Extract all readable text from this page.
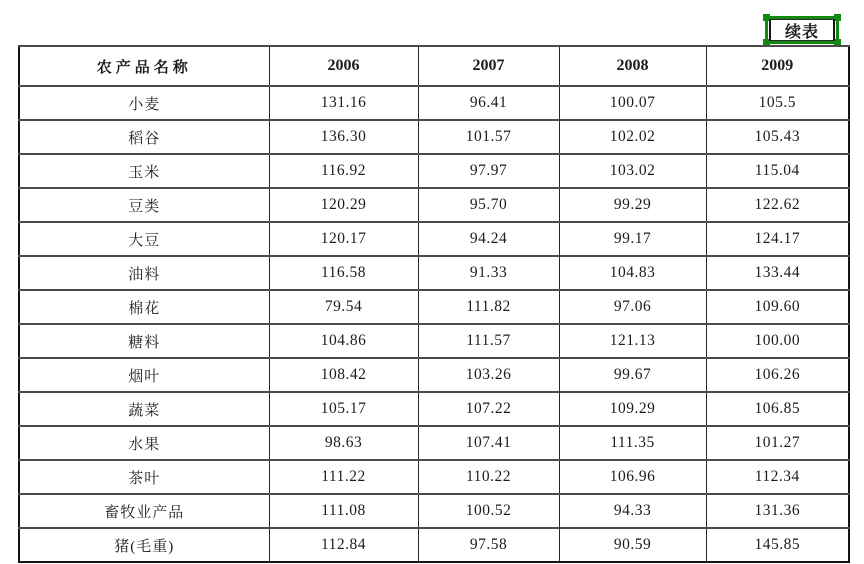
续表
农产品名称	2006	2007	2008	2009
小麦	131.16	96.41	100.07	105.5
稻谷	136.30	101.57	102.02	105.43
玉米	116.92	97.97	103.02	115.04
豆类	120.29	95.70	99.29	122.62
大豆	120.17	94.24	99.17	124.17
油料	116.58	91.33	104.83	133.44
棉花	79.54	111.82	97.06	109.60
糖料	104.86	111.57	121.13	100.00
烟叶	108.42	103.26	99.67	106.26
蔬菜	105.17	107.22	109.29	106.85
水果	98.63	107.41	111.35	101.27
茶叶	111.22	110.22	106.96	112.34
畜牧业产品	111.08	100.52	94.33	131.36
猪(毛重)	112.84	97.58	90.59	145.85
